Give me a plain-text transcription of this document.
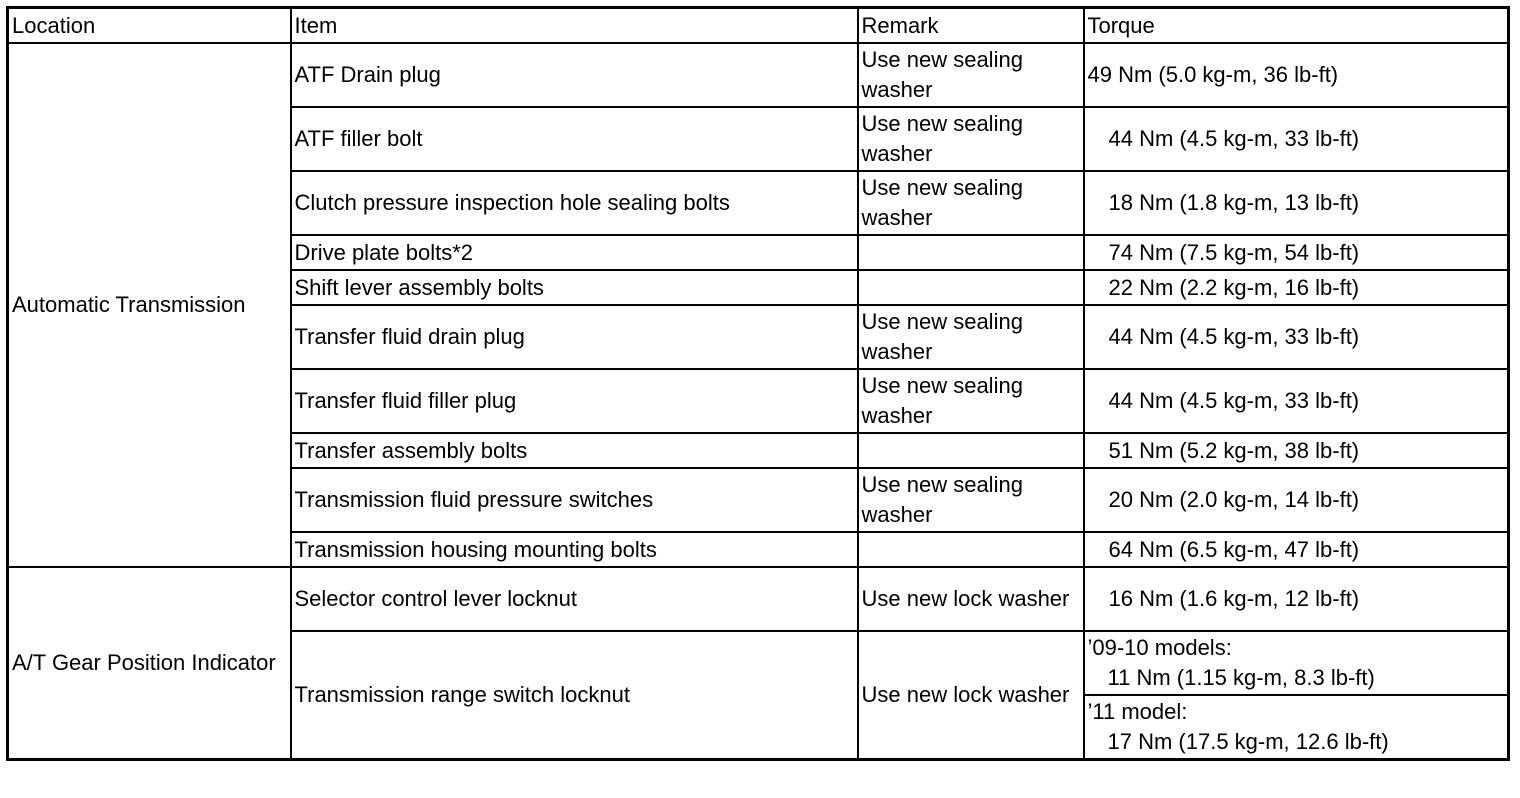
Location	Item	Remark	Torque
Automatic Transmission	ATF Drain plug	Use new sealing washer	49 Nm (5.0 kg-m, 36 lb-ft)
	ATF filler bolt	Use new sealing washer	44 Nm (4.5 kg-m, 33 lb-ft)
	Clutch pressure inspection hole sealing bolts	Use new sealing washer	18 Nm (1.8 kg-m, 13 lb-ft)
	Drive plate bolts*2		74 Nm (7.5 kg-m, 54 lb-ft)
	Shift lever assembly bolts		22 Nm (2.2 kg-m, 16 lb-ft)
	Transfer fluid drain plug	Use new sealing washer	44 Nm (4.5 kg-m, 33 lb-ft)
	Transfer fluid filler plug	Use new sealing washer	44 Nm (4.5 kg-m, 33 lb-ft)
	Transfer assembly bolts		51 Nm (5.2 kg-m, 38 lb-ft)
	Transmission fluid pressure switches	Use new sealing washer	20 Nm (2.0 kg-m, 14 lb-ft)
	Transmission housing mounting bolts		64 Nm (6.5 kg-m, 47 lb-ft)
A/T Gear Position Indicator	Selector control lever locknut	Use new lock washer	16 Nm (1.6 kg-m, 12 lb-ft)
	Transmission range switch locknut	Use new lock washer	’09-10 models:
11 Nm (1.15 kg-m, 8.3 lb-ft)

			’11 model:
17 Nm (17.5 kg-m, 12.6 lb-ft)
